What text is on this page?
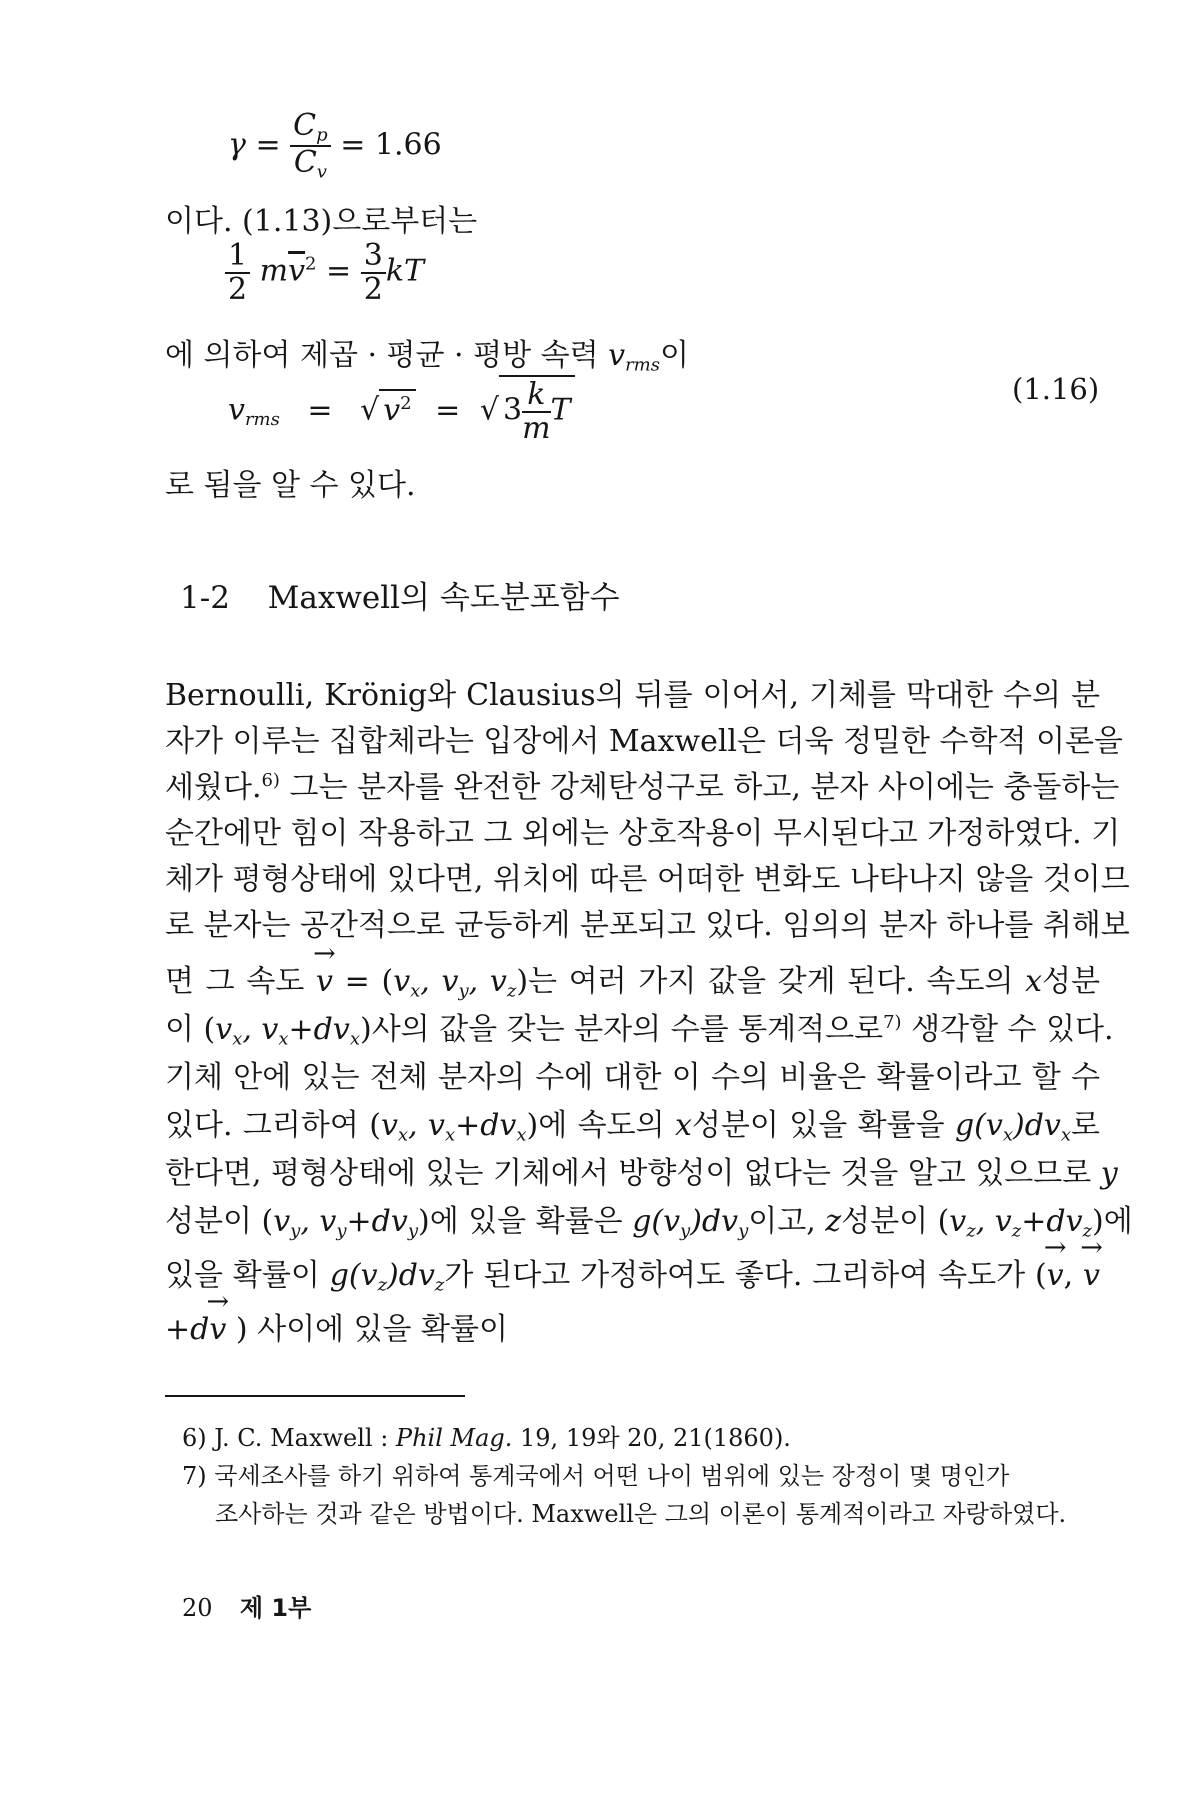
$\gamma = \frac{C_p}{C_v} = 1.66$
이다. (1.13)으로부터는
$\frac{1}{2} m\overline{v}^2 = \frac{3}{2}$ kT
에 의하여 제곱 · 평균 · 평방 속력 $v_{rms}$이
$v_{rms}$ = √ $v^2$ = √ $3 \frac{k}{m}$ T
(1.16)
로 됨을 알 수 있다.
1-2 Maxwell의 속도분포함수
Bernoulli, Krönig와 Clausius의 뒤를 이어서, 기체를 막대한 수의 분
자가 이루는 집합체라는 입장에서 Maxwell은 더욱 정밀한 수학적 이론을
세웠다.$^{6)}$ 그는 분자를 완전한 강체탄성구로 하고, 분자 사이에는 충돌하는
순간에만 힘이 작용하고 그 외에는 상호작용이 무시된다고 가정하였다. 기
체가 평형상태에 있다면, 위치에 따른 어떠한 변화도 나타나지 않을 것이므
로 분자는 공간적으로 균등하게 분포되고 있다. 임의의 분자 하나를 취해보
면 그 속도 → $v = (v_x$, $v_y$, $v_z$)는 여러 가지 값을 갖게 된다. 속도의 x성분
이 ($v_x$, $v_x+dv_x$)사의 값을 갖는 분자의 수를 통계적으로$^{7)}$ 생각할 수 있다.
기체 안에 있는 전체 분자의 수에 대한 이 수의 비율은 확률이라고 할 수
있다. 그리하여 ($v_x$, $v_x+dv_x$)에 속도의 x성분이 있을 확률을 $g(v_x)dv_x$로
한다면, 평형상태에 있는 기체에서 방향성이 없다는 것을 알고 있으므로 y
성분이 ($v_y$, $v_y+dv_y$)에 있을 확률은 $g(v_y)dv_y$이고, z성분이 ($v_z$, $v_z+dv_z$)에
있을 확률이 $g(v_z)dv_z$가 된다고 가정하여도 좋다. 그리하여 속도가 (→ v, → v
+d→ v ) 사이에 있을 확률이
6) J. C. Maxwell : Phil Mag. 19, 19와 20, 21(1860).
7) 국세조사를 하기 위하여 통계국에서 어떤 나이 범위에 있는 장정이 몇 명인가
조사하는 것과 같은 방법이다. Maxwell은 그의 이론이 통계적이라고 자랑하였다.
20 제 1부
